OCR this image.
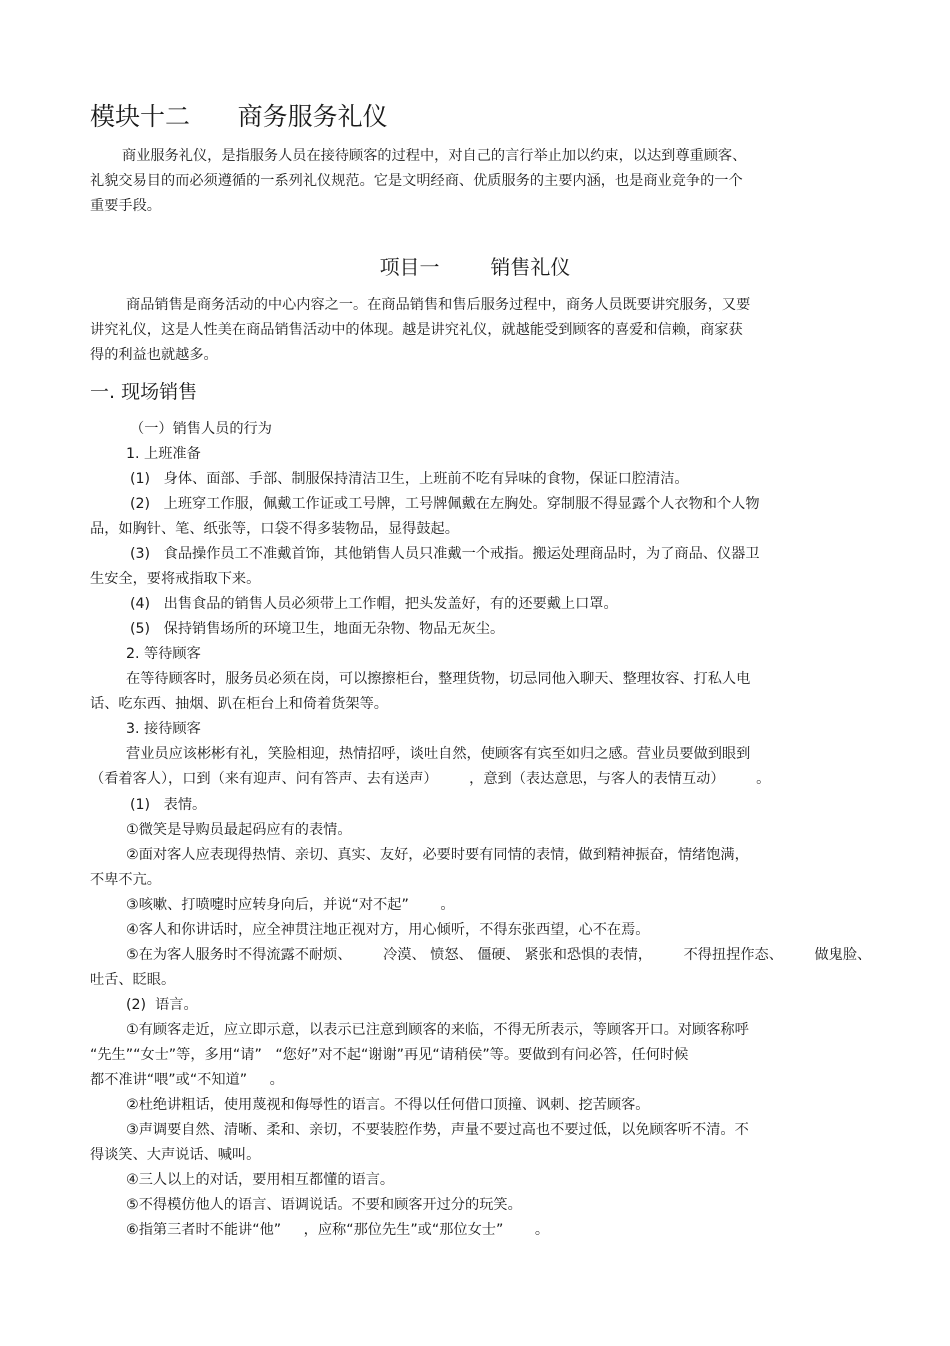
模块十二      商务服务礼仪
商业服务礼仪，是指服务人员在接待顾客的过程中，对自己的言行举止加以约束，以达到尊重顾客、
礼貌交易目的而必须遵循的一系列礼仪规范。它是文明经商、优质服务的主要内涵，也是商业竞争的一个
重要手段。
项目一        销售礼仪
商品销售是商务活动的中心内容之一。在商品销售和售后服务过程中，商务人员既要讲究服务，又要
讲究礼仪，这是人性美在商品销售活动中的体现。越是讲究礼仪，就越能受到顾客的喜爱和信赖，商家获
得的利益也就越多。
一. 现场销售
（一）销售人员的行为
1. 上班准备
(1)   身体、面部、手部、制服保持清洁卫生，上班前不吃有异味的食物，保证口腔清洁。
(2)   上班穿工作服，佩戴工作证或工号牌，工号牌佩戴在左胸处。穿制服不得显露个人衣物和个人物
品，如胸针、笔、纸张等，口袋不得多装物品，显得鼓起。
(3)   食品操作员工不准戴首饰，其他销售人员只准戴一个戒指。搬运处理商品时，为了商品、仪器卫
生安全，要将戒指取下来。
(4)   出售食品的销售人员必须带上工作帽，把头发盖好，有的还要戴上口罩。
(5)   保持销售场所的环境卫生，地面无杂物、物品无灰尘。
2. 等待顾客
在等待顾客时，服务员必须在岗，可以擦擦柜台，整理货物，切忌同他入聊天、整理妆容、打私人电
话、吃东西、抽烟、趴在柜台上和倚着货架等。
3. 接待顾客
营业员应该彬彬有礼，笑脸相迎，热情招呼，谈吐自然，使顾客有宾至如归之感。营业员要做到眼到
（看着客人），口到（来有迎声、问有答声、去有送声）       ，意到（表达意思，与客人的表情互动）       。
(1)   表情。
①微笑是导购员最起码应有的表情。
②面对客人应表现得热情、亲切、真实、友好，必要时要有同情的表情，做到精神振奋，情绪饱满，
不卑不亢。
③咳嗽、打喷嚏时应转身向后，并说“对不起”       。
④客人和你讲话时，应全神贯注地正视对方，用心倾听，不得东张西望，心不在焉。
⑤在为客人服务时不得流露不耐烦、       冷漠、 愤怒、 僵硬、 紧张和恐惧的表情，       不得扭捏作态、       做鬼脸、
吐舌、眨眼。
(2)  语言。
①有顾客走近，应立即示意，以表示已注意到顾客的来临，不得无所表示，等顾客开口。对顾客称呼
“先生”“女士”等，多用“请”   “您好”对不起“谢谢”再见“请稍侯”等。要做到有问必答，任何时候
都不准讲“喂”或“不知道”     。
②杜绝讲粗话，使用蔑视和侮辱性的语言。不得以任何借口顶撞、讽刺、挖苦顾客。
③声调要自然、清晰、柔和、亲切，不要装腔作势，声量不要过高也不要过低，以免顾客听不清。不
得谈笑、大声说话、喊叫。
④三人以上的对话，要用相互都懂的语言。
⑤不得模仿他人的语言、语调说话。不要和顾客开过分的玩笑。
⑥指第三者时不能讲“他”     ，应称“那位先生”或“那位女士”       。
